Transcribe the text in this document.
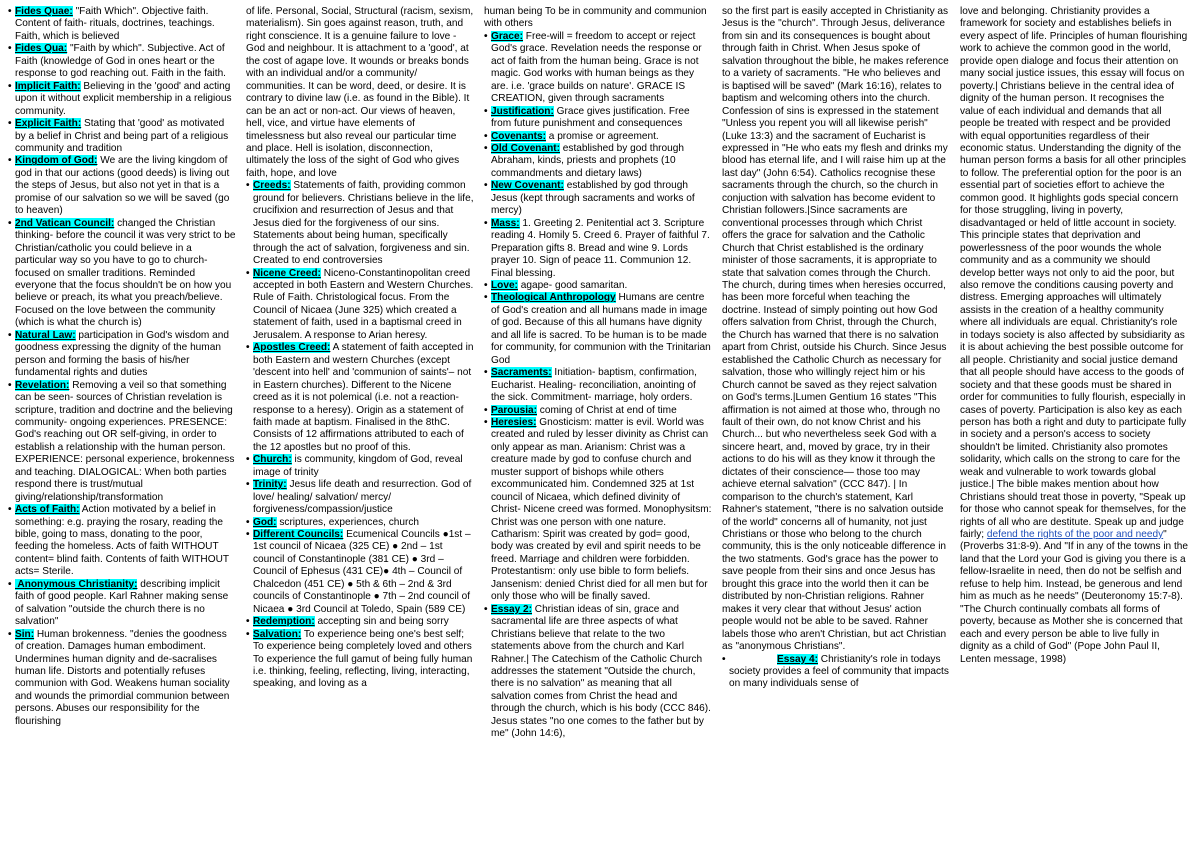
• Fides Quae: "Faith Which". Objective faith. Content of faith- rituals, doctrines, teachings. Faith, which is believed

• Fides Qua: "Faith by which". Subjective. Act of Faith (knowledge of God in ones heart or the response to god reaching out. Faith in the faith.

• Implicit Faith: Believing in the 'good' and acting upon it without explicit membership in a religious community.

• Explicit Faith: Stating that 'good' as motivated by a belief in Christ and being part of a religious community and tradition

• Kingdom of God: We are the living kingdom of god in that our actions (good deeds) is living out the steps of Jesus, but also not yet in that is a promise of our salvation so we will be saved (go to heaven)

• 2nd Vatican Council: changed the Christian thinking- before the council it was very strict to be Christian/catholic you could believe in a particular way so you have to go to church- focused on smaller traditions. Reminded everyone that the focus shouldn't be on how you believe or preach, its what you preach/believe. Focused on the love between the community (which is what the church is)

• Natural Law: participation in God's wisdom and goodness expressing the dignity of the human person and forming the basis of his/her fundamental rights and duties

• Revelation: Removing a veil so that something can be seen- sources of Christian revelation is scripture, tradition and doctrine and the believing community- ongoing experiences. PRESENCE: God's reaching out OR self-giving, in order to establish a relationship with the human person. EXPERIENCE: personal experience, brokenness and teaching. DIALOGICAL: When both parties respond there is trust/mutual giving/relationship/transformation

• Acts of Faith: Action motivated by a belief in something: e.g. praying the rosary, reading the bible, going to mass, donating to the poor, feeding the homeless. Acts of faith WITHOUT content= blind faith. Contents of faith WITHOUT acts= Sterile.

• Anonymous Christianity: describing implicit faith of good people. Karl Rahner making sense of salvation "outside the church there is no salvation"

• Sin: Human brokenness. "denies the goodness of creation. Damages human embodiment. Undermines human dignity and de-sacralises human life. Distorts and potentially refuses communion with God. Weakens human sociality and wounds the primordial communion between persons. Abuses our responsibility for the flourishing

of life. Personal, Social, Structural (racism, sexism, materialism). Sin goes against reason, truth, and right conscience. It is a genuine failure to love - God and neighbour. It is attachment to a 'good', at the cost of agape love. It wounds or breaks bonds with an individual and/or a community/ communities. It can be word, deed, or desire. It is contrary to divine law (i.e. as found in the Bible). It can be an act or non-act. Our views of heaven, hell, vice, and virtue have elements of timelessness but also reveal our particular time and place. Hell is isolation, disconnection, ultimately the loss of the sight of God who gives faith, hope, and love

• Creeds: Statements of faith, providing common ground for believers. Christians believe in the life, crucifixion and resurrection of Jesus and that Jesus died for the forgiveness of our sins. Statements about being human, specifically through the act of salvation, forgiveness and sin. Created to end controversies

• Nicene Creed: Niceno-Constantinopolitan creed accepted in both Eastern and Western Churches. Rule of Faith. Christological focus. From the Council of Nicaea (June 325) which created a statement of faith, used in a baptismal creed in Jerusalem. A response to Arian heresy.

• Apostles Creed: A statement of faith accepted in both Eastern and western Churches (except 'descent into hell' and 'communion of saints'– not in Eastern churches). Different to the Nicene creed as it is not polemical (i.e. not a reaction-response to a heresy). Origin as a statement of faith made at baptism. Finalised in the 8thC. Consists of 12 affirmations attributed to each of the 12 apostles but no proof of this.

• Church: is community, kingdom of God, reveal image of trinity

• Trinity: Jesus life death and resurrection. God of love/ healing/ salvation/ mercy/ forgiveness/compassion/justice

• God: scriptures, experiences, church

• Different Councils: Ecumenical Councils ●1st – 1st council of Nicaea (325 CE) ● 2nd – 1st council of Constantinople (381 CE) ● 3rd – Council of Ephesus (431 CE)● 4th – Council of Chalcedon (451 CE) ● 5th & 6th – 2nd & 3rd councils of Constantinople ● 7th – 2nd council of Nicaea ● 3rd Council at Toledo, Spain (589 CE)

• Redemption: accepting sin and being sorry

• Salvation: To experience being one's best self; To experience being completely loved and others To experience the full gamut of being fully human i.e. thinking, feeling, reflecting, living, interacting, speaking, and loving as a

human being To be in community and communion with others

• Grace: Free-will = freedom to accept or reject God's grace. Revelation needs the response or act of faith from the human being. Grace is not magic. God works with human beings as they are. i.e. 'grace builds on nature'. GRACE IS CREATION, given through sacraments

• Justification: Grace gives justification. Free from future punishment and consequences

• Covenants: a promise or agreement.

• Old Covenant: established by god through Abraham, kinds, priests and prophets (10 commandments and dietary laws)

• New Covenant: established by god through Jesus (kept through sacraments and works of mercy)

• Mass: 1. Greeting 2. Penitential act 3. Scripture reading 4. Homily 5. Creed 6. Prayer of faithful 7. Preparation gifts 8. Bread and wine 9. Lords prayer 10. Sign of peace 11. Communion 12. Final blessing.

• Love: agape- good samaritan.

• Theological Anthropology Humans are centre of God's creation and all humans made in image of god. Because of this all humans have dignity and all life is sacred. To be human is to be made for community, for communion with the Trinitarian God

• Sacraments: Initiation- baptism, confirmation, Eucharist. Healing- reconciliation, anointing of the sick. Commitment- marriage, holy orders.

• Parousia: coming of Christ at end of time

• Heresies: Gnosticism: matter is evil. World was created and ruled by lesser divinity as Christ can only appear as man. Arianism: Christ was a creature made by god to confuse church and muster support of bishops while others excommunicated him. Condemned 325 at 1st council of Nicaea, which defined divinity of Christ- Nicene creed was formed. Monophysitsm: Christ was one person with one nature. Catharism: Spirit was created by god= good, body was created by evil and spirit needs to be freed. Marriage and children were forbidden. Protestantism: only use bible to form beliefs. Jansenism: denied Christ died for all men but for only those who will be finally saved.

• Essay 2: Christian ideas of sin, grace and sacramental life are three aspects of what Christians believe that relate to the two statements above from the church and Karl Rahner.| The Catechism of the Catholic Church addresses the statement "Outside the church, there is no salvation" as meaning that all salvation comes from Christ the head and through the church, which is his body (CCC 846). Jesus states "no one comes to the father but by me" (John 14:6),

so the first part is easily accepted in Christianity as Jesus is the "church". Through Jesus, deliverance from sin and its consequences is bought about through faith in Christ. When Jesus spoke of salvation throughout the bible, he makes reference to a variety of sacraments. "He who believes and is baptised will be saved" (Mark 16:16), relates to baptism and welcoming others into the church. Confession of sins is expressed in the statement "Unless you repent you will all likewise perish" (Luke 13:3) and the sacrament of Eucharist is expressed in "He who eats my flesh and drinks my blood has eternal life, and I will raise him up at the last day" (John 6:54). Catholics recognise these sacraments through the church, so the church in conjuction with salvation has become evident to Christian followers.|Since sacraments are conventional processes through which Christ offers the grace for salvation and the Catholic Church that Christ established is the ordinary minister of those sacraments, it is appropriate to state that salvation comes through the Church. The church, during times when heresies occurred, has been more forceful when teaching the doctrine. Instead of simply pointing out how God offers salvation from Christ, through the Church, the Church has warned that there is no salvation apart from Christ, outside his Church. Since Jesus established the Catholic Church as necessary for salvation, those who willingly reject him or his Church cannot be saved as they reject salvation on God's terms.|Lumen Gentium 16 states "This affirmation is not aimed at those who, through no fault of their own, do not know Christ and his Church... but who nevertheless seek God with a sincere heart, and, moved by grace, try in their actions to do his will as they know it through the dictates of their conscience— those too may achieve eternal salvation" (CCC 847). | In comparison to the church's statement, Karl Rahner's statement, "there is no salvation outside of the world" concerns all of humanity, not just Christians or those who belong to the church community, this is the only noticeable difference in the two statments. God's grace has the power to save people from their sins and once Jesus has brought this grace into the world then it can be distributed by non-Christian religions. Rahner makes it very clear that without Jesus' action people would not be able to be saved. Rahner labels those who aren't Christian, but act Christian as "anonymous Christians".

• Essay 4: Christianity's role in todays society provides a feel of community that impacts on many individuals sense of

love and belonging. Christianity provides a framework for society and establishes beliefs in every aspect of life. Principles of human flourishing work to achieve the common good in the world, provide open dialoge and focus their attention on many social justice issues, this essay will focus on poverty.| Christians believe in the central idea of dignity of the human person. It recognises the value of each individual and demands that all people be treated with respect and be provided with equal opportunities regardless of their economic status. Understanding the dignity of the human person forms a basis for all other principles to follow. The preferential option for the poor is an essential part of societies effort to achieve the common good. It highlights gods special concern for those struggling, living in poverty, disadvantaged or held of little account in society. This principle states that deprivation and powerlessness of the poor wounds the whole community and as a community we should develop better ways not only to aid the poor, but also remove the conditions causing poverty and distress. Emerging approaches will ultimately assists in the creation of a healthy community where all individuals are equal. Christianity's role in todays society is also affected by subsidiarity as it is about achieving the best possible outcome for all people. Christianity and social justice demand that all people should have access to the goods of society and that these goods must be shared in order for communities to fully flourish, especially in cases of poverty. Participation is also key as each person has both a right and duty to participate fully in society and a person's access to society shouldn't be limited. Christianity also promotes solidarity, which calls on the strong to care for the weak and vulnerable to work towards global justice.| The bible makes mention about how Christians should treat those in poverty, "Speak up for those who cannot speak for themselves, for the rights of all who are destitute. Speak up and judge fairly; defend the rights of the poor and needy" (Proverbs 31:8-9). And "If in any of the towns in the land that the Lord your God is giving you there is a fellow-Israelite in need, then do not be selfish and refuse to help him. Instead, be generous and lend him as much as he needs" (Deuteronomy 15:7-8). "The Church continually combats all forms of poverty, because as Mother she is concerned that each and every person be able to live fully in dignity as a child of God" (Pope John Paul II, Lenten message, 1998)
